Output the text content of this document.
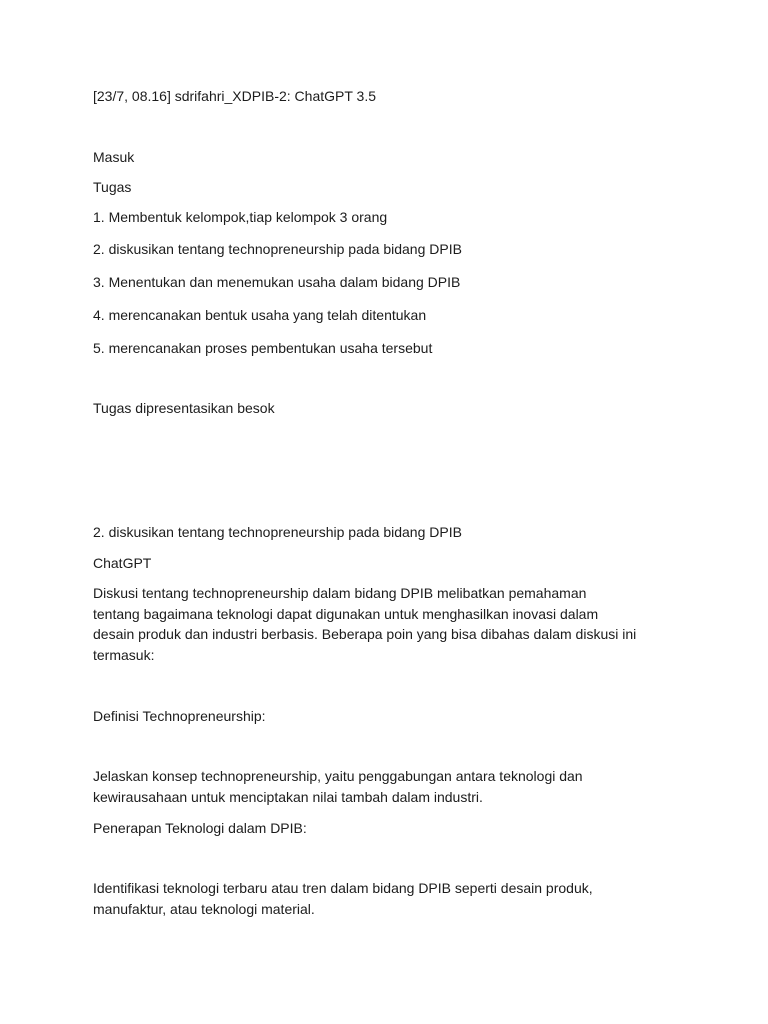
[23/7, 08.16] sdrifahri_XDPIB-2: ChatGPT 3.5

Masuk

Tugas

1. Membentuk kelompok,tiap kelompok 3 orang

2. diskusikan tentang technopreneurship pada bidang DPIB

3. Menentukan dan menemukan usaha dalam bidang DPIB

4. merencanakan bentuk usaha yang telah ditentukan

5. merencanakan proses pembentukan usaha tersebut

Tugas dipresentasikan besok

2. diskusikan tentang technopreneurship pada bidang DPIB

ChatGPT

Diskusi tentang technopreneurship dalam bidang DPIB melibatkan pemahaman
tentang bagaimana teknologi dapat digunakan untuk menghasilkan inovasi dalam
desain produk dan industri berbasis. Beberapa poin yang bisa dibahas dalam diskusi ini
termasuk:

Definisi Technopreneurship:

Jelaskan konsep technopreneurship, yaitu penggabungan antara teknologi dan
kewirausahaan untuk menciptakan nilai tambah dalam industri.

Penerapan Teknologi dalam DPIB:

Identifikasi teknologi terbaru atau tren dalam bidang DPIB seperti desain produk,
manufaktur, atau teknologi material.
